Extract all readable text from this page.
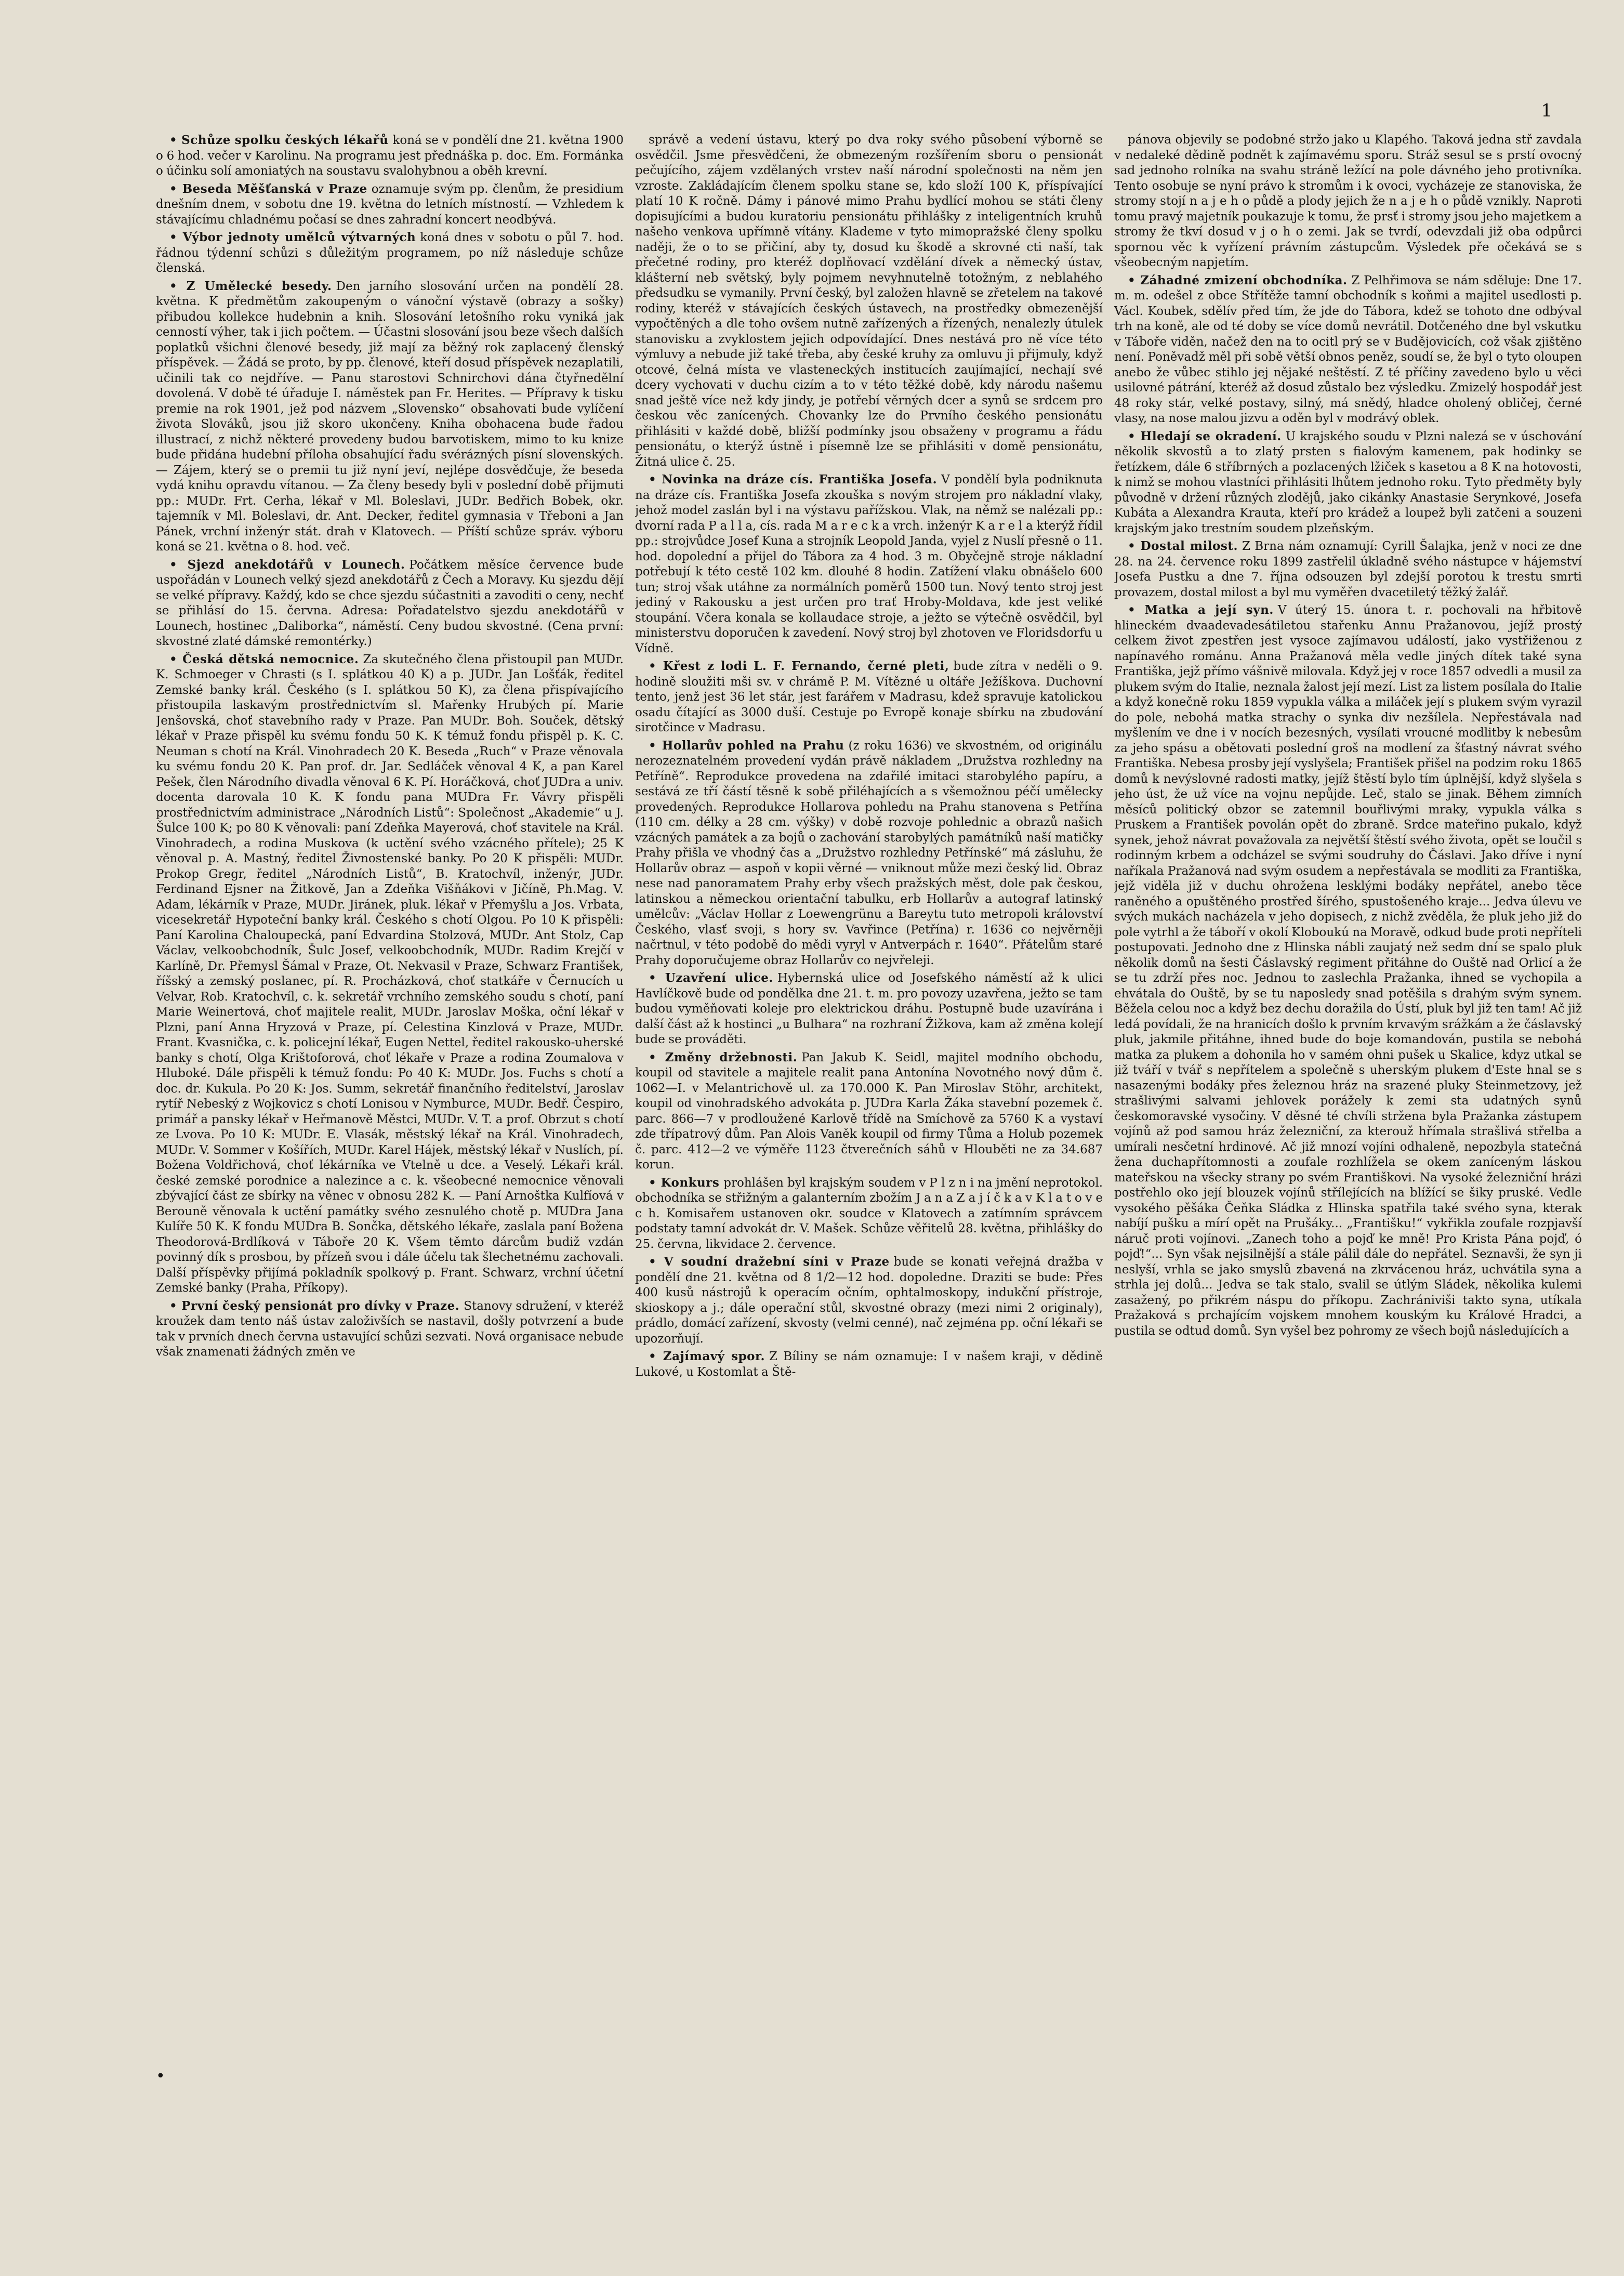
1

• Schůze spolku českých lékařů koná se v pondělí dne 21. května 1900 o 6 hod. večer v Karolinu. Na programu jest přednáška p. doc. Em. Formánka o účinku solí amoniatých na soustavu svalohybnou a oběh krevní.

• Beseda Měšťanská v Praze oznamuje svým pp. členům, že presidium dnešním dnem, v sobotu dne 19. května do letních místností. — Vzhledem k stávajícímu chladnému počasí se dnes zahradní koncert neodbývá.

• Výbor jednoty umělců výtvarných koná dnes v sobotu o půl 7. hod. řádnou týdenní schůzi s důležitým programem, po níž následuje schůze členská.

• Z Umělecké besedy. Den jarního slosování určen na pondělí 28. května. K předmětům zakoupeným o vánoční výstavě (obrazy a sošky) přibudou kollekce hudebnin a knih. Slosování letošního roku vyniká jak cenností výher, tak i jich počtem. — Účastni slosování jsou beze všech dalších poplatků všichni členové besedy, již mají za běžný rok zaplacený členský příspěvek. — Žádá se proto, by pp. členové, kteří dosud příspěvek nezaplatili, učinili tak co nejdříve. — Panu starostovi Schnirchovi dána čtyřnedělní dovolená. V době té úřaduje I. náměstek pan Fr. Herites. — Přípravy k tisku premie na rok 1901, jež pod názvem „Slovensko“ obsahovati bude vylíčení života Slováků, jsou již skoro ukončeny. Kniha obohacena bude řadou illustrací, z nichž některé provedeny budou barvotiskem, mimo to ku knize bude přidána hudební příloha obsahující řadu svérázných písní slovenských. — Zájem, který se o premii tu již nyní jeví, nejlépe dosvědčuje, že beseda vydá knihu opravdu vítanou. — Za členy besedy byli v poslední době přijmuti pp.: MUDr. Frt. Cerha, lékař v Ml. Boleslavi, JUDr. Bedřich Bobek, okr. tajemník v Ml. Boleslavi, dr. Ant. Decker, ředitel gymnasia v Třeboni a Jan Pánek, vrchní inženýr stát. drah v Klatovech. — Příští schůze správ. výboru koná se 21. května o 8. hod. več.

• Sjezd anekdotářů v Lounech. Počátkem měsíce července bude uspořádán v Lounech velký sjezd anekdotářů z Čech a Moravy. Ku sjezdu dějí se velké přípravy. Každý, kdo se chce sjezdu súčastniti a zavoditi o ceny, nechť se přihlásí do 15. června. Adresa: Pořadatelstvo sjezdu anekdotářů v Lounech, hostinec „Daliborka“, náměstí. Ceny budou skvostné. (Cena první: skvostné zlaté dámské remontérky.)

• Česká dětská nemocnice. Za skutečného člena přistoupil pan MUDr. K. Schmoeger v Chrasti (s I. splátkou 40 K) a p. JUDr. Jan Lošťák, ředitel Zemské banky král. Českého (s I. splátkou 50 K), za člena přispívajícího přistoupila laskavým prostřednictvím sl. Mařenky Hrubých pí. Marie Jenšovská, choť stavebního rady v Praze. Pan MUDr. Boh. Souček, dětský lékař v Praze přispěl ku svému fondu 50 K. K témuž fondu přispěl p. K. C. Neuman s chotí na Král. Vinohradech 20 K. Beseda „Ruch“ v Praze věnovala ku svému fondu 20 K. Pan prof. dr. Jar. Sedláček věnoval 4 K, a pan Karel Pešek, člen Národního divadla věnoval 6 K. Pí. Horáčková, choť JUDra a univ. docenta darovala 10 K. K fondu pana MUDra Fr. Vávry přispěli prostřednictvím administrace „Národních Listů“: Společnost „Akademie“ u J. Šulce 100 K; po 80 K věnovali: paní Zdeňka Mayerová, choť stavitele na Král. Vinohradech, a rodina Muskova (k uctění svého vzácného přítele); 25 K věnoval p. A. Mastný, ředitel Živnostenské banky. Po 20 K přispěli: MUDr. Prokop Gregr, ředitel „Národních Listů“, B. Kratochvíl, inženýr, JUDr. Ferdinand Ejsner na Žitkově, Jan a Zdeňka Višňákovi v Jičíně, Ph.Mag. V. Adam, lékárník v Praze, MUDr. Jiránek, pluk. lékař v Přemyšlu a Jos. Vrbata, vicesekretář Hypoteční banky král. Českého s chotí Olgou. Po 10 K přispěli: Paní Karolina Chaloupecká, paní Edvardina Stolzová, MUDr. Ant Stolz, Cap Václav, velkoobchodník, Šulc Josef, velkoobchodník, MUDr. Radim Krejčí v Karlíně, Dr. Přemysl Šámal v Praze, Ot. Nekvasil v Praze, Schwarz František, říšský a zemský poslanec, pí. R. Procházková, choť statkáře v Černucích u Velvar, Rob. Kratochvíl, c. k. sekretář vrchního zemského soudu s chotí, paní Marie Weinertová, choť majitele realit, MUDr. Jaroslav Moška, oční lékař v Plzni, paní Anna Hryzová v Praze, pí. Celestina Kinzlová v Praze, MUDr. Frant. Kvasnička, c. k. policejní lékař, Eugen Nettel, ředitel rakousko-uherské banky s chotí, Olga Krištoforová, choť lékaře v Praze a rodina Zoumalova v Hluboké. Dále přispěli k témuž fondu: Po 40 K: MUDr. Jos. Fuchs s chotí a doc. dr. Kukula. Po 20 K: Jos. Summ, sekretář finančního ředitelství, Jaroslav rytíř Nebeský z Wojkovicz s chotí Lonisou v Nymburce, MUDr. Bedř. Čespiro, primář a pansky lékař v Heřmanově Městci, MUDr. V. T. a prof. Obrzut s chotí ze Lvova. Po 10 K: MUDr. E. Vlasák, městský lékař na Král. Vinohradech, MUDr. V. Sommer v Košířích, MUDr. Karel Hájek, městský lékař v Nuslích, pí. Božena Voldřichová, choť lékárníka ve Vtelně u dce. a Veselý. Lékaři král. české zemské porodnice a nalezince a c. k. všeobecné nemocnice věnovali zbývající část ze sbírky na věnec v obnosu 282 K. — Paní Arnoštka Kulfíová v Berouně věnovala k uctění památky svého zesnulého chotě p. MUDra Jana Kulíře 50 K. K fondu MUDra B. Sončka, dětského lékaře, zaslala paní Božena Theodorová-Brdlíková v Táboře 20 K. Všem těmto dárcům budiž vzdán povinný dík s prosbou, by přízeň svou i dále účelu tak šlechetnému zachovali. Další příspěvky přijímá pokladník spolkový p. Frant. Schwarz, vrchní účetní Zemské banky (Praha, Příkopy).

• První český pensionát pro dívky v Praze. Stanovy sdružení, v kteréž kroužek dam tento náš ústav založivších se nastavil, došly potvrzení a bude tak v prvních dnech června ustavující schůzi sezvati. Nová organisace nebude však znamenati žádných změn ve

správě a vedení ústavu, který po dva roky svého působení výborně se osvědčil. Jsme přesvědčeni, že obmezeným rozšířením sboru o pensionát pečujícího, zájem vzdělaných vrstev naší národní společnosti na něm jen vzroste. Zakládajícím členem spolku stane se, kdo složí 100 K, příspívající platí 10 K ročně. Dámy i pánové mimo Prahu bydlící mohou se státi členy dopisujícími a budou kuratoriu pensionátu přihlášky z inteligentních kruhů našeho venkova upřímně vítány. Klademe v tyto mimopražské členy spolku naději, že o to se přičiní, aby ty, dosud ku škodě a skrovné cti naší, tak přečetné rodiny, pro kteréž doplňovací vzdělání dívek a německý ústav, klášterní neb světský, byly pojmem nevyhnutelně totožným, z neblahého předsudku se vymanily. První český, byl založen hlavně se zřetelem na takové rodiny, kteréž v stávajících českých ústavech, na prostředky obmezenější vypočtěných a dle toho ovšem nutně zařízených a řízených, nenalezly útulek stanovisku a zvyklostem jejich odpovídající. Dnes nestává pro ně více této výmluvy a nebude již také třeba, aby české kruhy za omluvu ji přijmuly, když otcové, čelná místa ve vlasteneckých institucích zaujímající, nechají své dcery vychovati v duchu cizím a to v této těžké době, kdy národu našemu snad ještě více než kdy jindy, je potřebí věrných dcer a synů se srdcem pro českou věc zanícených. Chovanky lze do Prvního českého pensionátu přihlásiti v každé době, bližší podmínky jsou obsaženy v programu a řádu pensionátu, o kterýž ústně i písemně lze se přihlásiti v domě pensionátu, Žitná ulice č. 25.

• Novinka na dráze cís. Františka Josefa. V pondělí byla podniknuta na dráze cís. Františka Josefa zkouška s novým strojem pro nákladní vlaky, jehož model zaslán byl i na výstavu pařížskou. Vlak, na němž se nalézali pp.: dvorní rada P a l l a, cís. rada M a r e c k a vrch. inženýr K a r e l a kterýž řídil pp.: strojvůdce Josef Kuna a strojník Leopold Janda, vyjel z Nuslí přesně o 11. hod. dopolední a přijel do Tábora za 4 hod. 3 m. Obyčejně stroje nákladní potřebují k této cestě 102 km. dlouhé 8 hodin. Zatížení vlaku obnášelo 600 tun; stroj však utáhne za normálních poměrů 1500 tun. Nový tento stroj jest jediný v Rakousku a jest určen pro trať Hroby-Moldava, kde jest veliké stoupání. Včera konala se kollaudace stroje, a ježto se výtečně osvědčil, byl ministerstvu doporučen k zavedení. Nový stroj byl zhotoven ve Floridsdorfu u Vídně.

• Křest z lodi L. F. Fernando, černé pleti, bude zítra v neděli o 9. hodině sloužiti mši sv. v chrámě P. M. Vítězné u oltáře Ježíškova. Duchovní tento, jenž jest 36 let stár, jest farářem v Madrasu, kdež spravuje katolickou osadu čítající as 3000 duší. Cestuje po Evropě konaje sbírku na zbudování sirotčince v Madrasu.

• Hollarův pohled na Prahu (z roku 1636) ve skvostném, od originálu nerozeznatelném provedení vydán právě nákladem „Družstva rozhledny na Petříně“. Reprodukce provedena na zdařilé imitaci starobylého papíru, a sestává ze tří částí těsně k sobě přiléhajících a s všemožnou péčí umělecky provedených. Reprodukce Hollarova pohledu na Prahu stanovena s Petřína (110 cm. délky a 28 cm. výšky) v době rozvoje pohlednic a obrazů našich vzácných památek a za bojů o zachování starobylých památníků naší matičky Prahy přišla ve vhodný čas a „Družstvo rozhledny Petřínské“ má zásluhu, že Hollarův obraz — aspoň v kopii věrné — vniknout může mezi český lid. Obraz nese nad panoramatem Prahy erby všech pražských měst, dole pak českou, latinskou a německou orientační tabulku, erb Hollarův a autograf latinský umělcův: „Václav Hollar z Loewengrünu a Bareytu tuto metropoli království Českého, vlasť svoji, s hory sv. Vavřince (Petřína) r. 1636 co nejvěrněji načrtnul, v této podobě do mědi vyryl v Antverpách r. 1640“. Přátelům staré Prahy doporučujeme obraz Hollarův co nejvřeleji.

• Uzavření ulice. Hybernská ulice od Josefského náměstí až k ulici Havlíčkově bude od pondělka dne 21. t. m. pro povozy uzavřena, ježto se tam budou vyměňovati koleje pro elektrickou dráhu. Postupně bude uzavírána i další část až k hostinci „u Bulhara“ na rozhraní Žižkova, kam až změna kolejí bude se prováděti.

• Změny držebnosti. Pan Jakub K. Seidl, majitel modního obchodu, koupil od stavitele a majitele realit pana Antonína Novotného nový dům č. 1062—I. v Melantrichově ul. za 170.000 K. Pan Miroslav Stöhr, architekt, koupil od vinohradského advokáta p. JUDra Karla Žáka stavební pozemek č. parc. 866—7 v prodloužené Karlově třídě na Smíchově za 5760 K a vystaví zde třípatrový dům. Pan Alois Vaněk koupil od firmy Tůma a Holub pozemek č. parc. 412—2 ve výměře 1123 čtverečních sáhů v Hlouběti ne za 34.687 korun.

• Konkurs prohlášen byl krajským soudem v P l z n i na jmění neprotokol. obchodníka se střižným a galanterním zbožím J a n a Z a j í č k a v K l a t o v e c h. Komisařem ustanoven okr. soudce v Klatovech a zatímním správcem podstaty tamní advokát dr. V. Mašek. Schůze věřitelů 28. května, přihlášky do 25. června, likvidace 2. července.

• V soudní dražební síni v Praze bude se konati veřejná dražba v pondělí dne 21. května od 8 1/2—12 hod. dopoledne. Draziti se bude: Přes 400 kusů nástrojů k operacím očním, ophtalmoskopy, indukční přístroje, skioskopy a j.; dále operační stůl, skvostné obrazy (mezi nimi 2 originaly), prádlo, domácí zařízení, skvosty (velmi cenné), nač zejména pp. oční lékaři se upozorňují.

• Zajímavý spor. Z Bíliny se nám oznamuje: I v našem kraji, v dědině Lukové, u Kostomlat a Ště-

pánova objevily se podobné stržo jako u Klapého. Taková jedna stř zavdala v nedaleké dědině podnět k zajímavému sporu. Stráž sesul se s prstí ovocný sad jednoho rolníka na svahu stráně ležící na pole dávného jeho protivníka. Tento osobuje se nyní právo k stromům i k ovoci, vycházeje ze stanoviska, že stromy stojí n a j e h o půdě a plody jejich že n a j e h o půdě vznikly. Naproti tomu pravý majetník poukazuje k tomu, že prsť i stromy jsou jeho majetkem a stromy že tkví dosud v j o h o zemi. Jak se tvrdí, odevzdali již oba odpůrci spornou věc k vyřízení právním zástupcům. Výsledek pře očekává se s všeobecným napjetím.

• Záhadné zmizení obchodníka. Z Pelhřimova se nám sděluje: Dne 17. m. m. odešel z obce Střítěže tamní obchodník s koňmi a majitel usedlosti p. Václ. Koubek, sdělív před tím, že jde do Tábora, kdež se tohoto dne odbýval trh na koně, ale od té doby se více domů nevrátil. Dotčeného dne byl vskutku v Táboře viděn, načež den na to ocitl prý se v Budějovicích, což však zjištěno není. Poněvadž měl při sobě větší obnos peněz, soudí se, že byl o tyto oloupen anebo že vůbec stihlo jej nějaké neštěstí. Z té příčiny zavedeno bylo u věci usilovné pátrání, kteréž až dosud zůstalo bez výsledku. Zmizelý hospodář jest 48 roky stár, velké postavy, silný, má snědý, hladce oholený obličej, černé vlasy, na nose malou jizvu a oděn byl v modrávý oblek.

• Hledají se okradení. U krajského soudu v Plzni nalezá se v úschování několik skvostů a to zlatý prsten s fialovým kamenem, pak hodinky se řetízkem, dále 6 stříbrných a pozlacených lžiček s kasetou a 8 K na hotovosti, k nimž se mohou vlastníci přihlásiti lhůtem jednoho roku. Tyto předměty byly původně v držení různých zlodějů, jako cikánky Anastasie Serynkové, Josefa Kubáta a Alexandra Krauta, kteří pro krádež a loupež byli zatčeni a souzeni krajským jako trestním soudem plzeňským.

• Dostal milost. Z Brna nám oznamují: Cyrill Šalajka, jenž v noci ze dne 28. na 24. července roku 1899 zastřelil úkladně svého nástupce v hájemství Josefa Pustku a dne 7. října odsouzen byl zdejší porotou k trestu smrti provazem, dostal milost a byl mu vyměřen dvacetiletý těžký žalář.

• Matka a její syn. V úterý 15. února t. r. pochovali na hřbitově hlineckém dvaadevadesátiletou stařenku Annu Pražanovou, jejíž prostý celkem život zpestřen jest vysoce zajímavou událostí, jako vystřiženou z napínavého románu. Anna Pražanová měla vedle jiných dítek také syna Františka, jejž přímo vášnivě milovala. Když jej v roce 1857 odvedli a musil za plukem svým do Italie, neznala žalost její mezí. List za listem posílala do Italie a když konečně roku 1859 vypukla válka a miláček její s plukem svým vyrazil do pole, nebohá matka strachy o synka div nezšílela. Nepřestávala nad myšlením ve dne i v nocích bezesných, vysílati vroucné modlitby k nebesům za jeho spásu a obětovati poslední groš na modlení za šťastný návrat svého Františka. Nebesa prosby její vyslyšela; František přišel na podzim roku 1865 domů k nevýslovné radosti matky, jejíž štěstí bylo tím úplnější, když slyšela s jeho úst, že už více na vojnu nepůjde. Leč, stalo se jinak. Během zimních měsíců politický obzor se zatemnil bouřlivými mraky, vypukla válka s Pruskem a František povolán opět do zbraně. Srdce mateřino pukalo, když synek, jehož návrat považovala za největší štěstí svého života, opět se loučil s rodinným krbem a odcházel se svými soudruhy do Čáslavi. Jako dříve i nyní naříkala Pražanová nad svým osudem a nepřestávala se modliti za Františka, jejž viděla již v duchu ohrožena lesklými bodáky nepřátel, anebo těce raněného a opuštěného prostřed šírého, spustošeného kraje... Jedva úlevu ve svých mukách nacházela v jeho dopisech, z nichž zvěděla, že pluk jeho již do pole vytrhl a že táboří v okolí Kloboukú na Moravě, odkud bude proti nepříteli postupovati. Jednoho dne z Hlinska nábli zaujatý než sedm dní se spalo pluk několik domů na šesti Čáslavský regiment přitáhne do Ouště nad Orlicí a že se tu zdrží přes noc. Jednou to zaslechla Pražanka, ihned se vychopila a ehvátala do Ouště, by se tu naposledy snad potěšila s drahým svým synem. Běžela celou noc a když bez dechu doražila do Ústí, pluk byl již ten tam! Ač již ledá povídali, že na hranicích došlo k prvním krvavým srážkám a že čáslavský pluk, jakmile přitáhne, ihned bude do boje komandován, pustila se nebohá matka za plukem a dohonila ho v samém ohni pušek u Skalice, kdyz utkal se již tváří v tvář s nepřítelem a společně s uherským plukem d'Este hnal se s nasazenými bodáky přes železnou hráz na srazené pluky Steinmetzovy, jež strašlivými salvami jehlovek porážely k zemi sta udatných synů českomoravské vysočiny. V děsné té chvíli stržena byla Pražanka zástupem vojínů až pod samou hráz železniční, za kterouž hřímala strašlivá střelba a umírali nesčetní hrdinové. Ač již mnozí vojíni odhaleně, nepozbyla statečná žena duchapřítomnosti a zoufale rozhlížela se okem zaníceným láskou mateřskou na všecky strany po svém Františkovi. Na vysoké železniční hrázi postřehlo oko její blouzek vojínů střílejících na blížící se šiky pruské. Vedle vysokého pěšáka Čeňka Sládka z Hlinska spatřila také svého syna, kterak nabíjí pušku a mírí opět na Prušáky... „Františku!“ vykřikla zoufale rozpjavší náruč proti vojínovi. „Zanech toho a pojď ke mně! Pro Krista Pána pojď, ó pojď!“... Syn však nejsilnější a stále pálil dále do nepřátel. Seznavši, že syn ji neslyší, vrhla se jako smyslů zbavená na zkrvácenou hráz, uchvátila syna a strhla jej dolů... Jedva se tak stalo, svalil se útlým Sládek, několika kulemi zasažený, po přikrém náspu do příkopu. Zachrániviši takto syna, utíkala Pražaková s prchajícím vojskem mnohem kouským ku Králové Hradci, a pustila se odtud domů. Syn vyšel bez pohromy ze všech bojů následujících a

•
